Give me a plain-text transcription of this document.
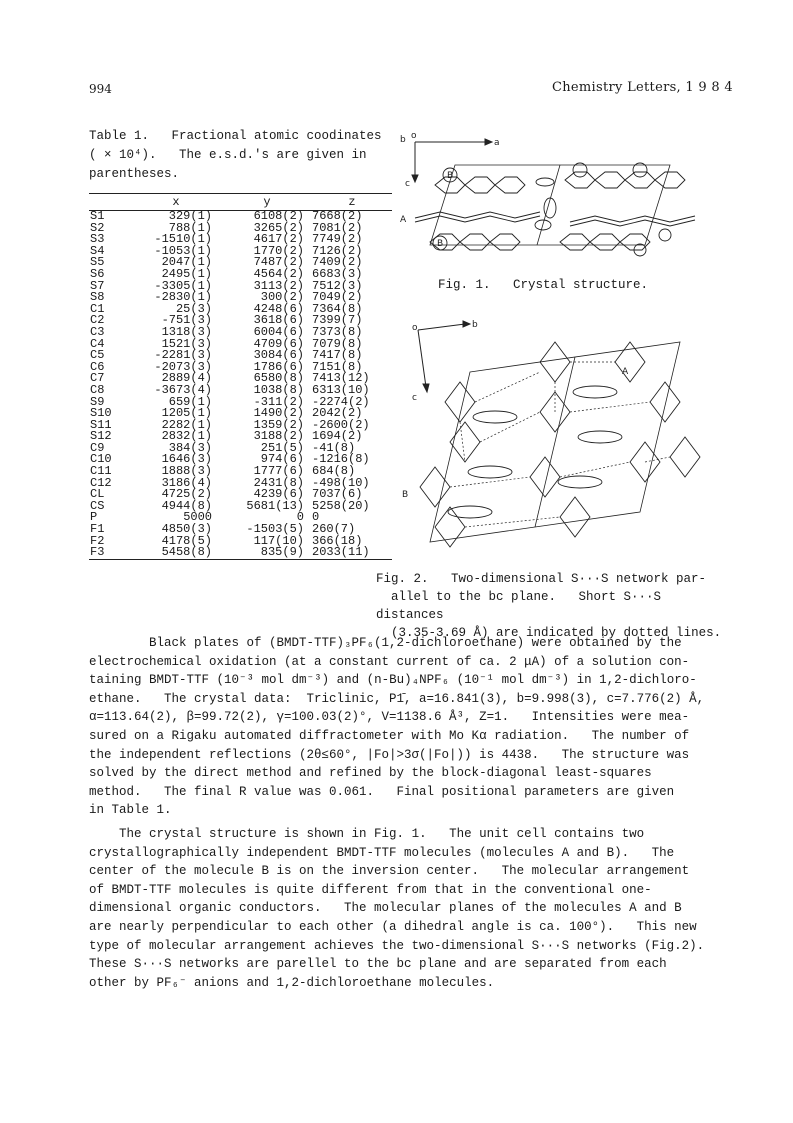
994	Chemistry Letters, 1 9 8 4
Table 1.   Fractional atomic coodinates
( × 10⁴).   The e.s.d.'s are given in
parentheses.
	x	y	z
S1	329(1)	6108(2)	7668(2)
S2	788(1)	3265(2)	7081(2)
S3	-1510(1)	4617(2)	7749(2)
S4	-1053(1)	1770(2)	7126(2)
S5	2047(1)	7487(2)	7409(2)
S6	2495(1)	4564(2)	6683(3)
S7	-3305(1)	3113(2)	7512(3)
S8	-2830(1)	300(2)	7049(2)
C1	25(3)	4248(6)	7364(8)
C2	-751(3)	3618(6)	7399(7)
C3	1318(3)	6004(6)	7373(8)
C4	1521(3)	4709(6)	7079(8)
C5	-2281(3)	3084(6)	7417(8)
C6	-2073(3)	1786(6)	7151(8)
C7	2889(4)	6580(8)	7413(12)
C8	-3673(4)	1038(8)	6313(10)
S9	659(1)	-311(2)	-2274(2)
S10	1205(1)	1490(2)	2042(2)
S11	2282(1)	1359(2)	-2600(2)
S12	2832(1)	3188(2)	1694(2)
C9	384(3)	251(5)	-41(8)
C10	1646(3)	974(6)	-1216(8)
C11	1888(3)	1777(6)	684(8)
C12	3186(4)	2431(8)	-498(10)
CL	4725(2)	4239(6)	7037(6)
CS	4944(8)	5681(13)	5258(20)
P	5000	0	0
F1	4850(3)	-1503(5)	260(7)
F2	4178(5)	117(10)	366(18)
F3	5458(8)	835(9)	2033(11)
b o
a
c
B
A
B
Fig. 1.   Crystal structure.
o	b
c
B
A
Fig. 2.   Two-dimensional S···S network par-
allel to the bc plane.   Short S···S distances
(3.35-3.69 Å) are indicated by dotted lines.
Black plates of (BMDT-TTF)₃PF₆(1,2-dichloroethane) were obtained by the
electrochemical oxidation (at a constant current of ca. 2 μA) of a solution con-
taining BMDT-TTF (10⁻³ mol dm⁻³) and (n-Bu)₄NPF₆ (10⁻¹ mol dm⁻³) in 1,2-dichloro-
ethane.   The crystal data:  Triclinic, P1̄, a=16.841(3), b=9.998(3), c=7.776(2) Å,
α=113.64(2), β=99.72(2), γ=100.03(2)°, V=1138.6 Å³, Z=1.   Intensities were mea-
sured on a Rigaku automated diffractometer with Mo Kα radiation.   The number of
the independent reflections (2θ≤60°, |Fo|>3σ(|Fo|)) is 4438.   The structure was
solved by the direct method and refined by the block-diagonal least-squares
method.   The final R value was 0.061.   Final positional parameters are given
in Table 1.
The crystal structure is shown in Fig. 1.   The unit cell contains two
crystallographically independent BMDT-TTF molecules (molecules A and B).   The
center of the molecule B is on the inversion center.   The molecular arrangement
of BMDT-TTF molecules is quite different from that in the conventional one-
dimensional organic conductors.   The molecular planes of the molecules A and B
are nearly perpendicular to each other (a dihedral angle is ca. 100°).   This new
type of molecular arrangement achieves the two-dimensional S···S networks (Fig.2).
These S···S networks are parellel to the bc plane and are separated from each
other by PF₆⁻ anions and 1,2-dichloroethane molecules.
